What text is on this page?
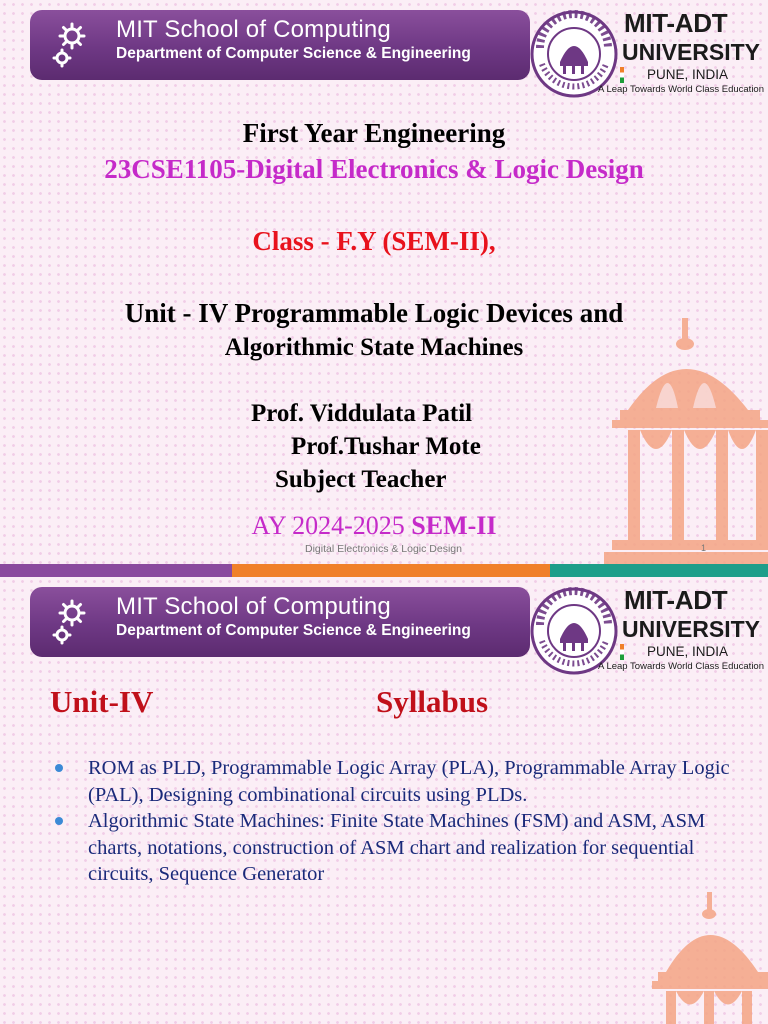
MIT School of Computing
Department of Computer Science & Engineering
MIT-ADT
UNIVERSITY
PUNE, INDIA
A Leap Towards World Class Education
First Year Engineering
23CSE1105-Digital Electronics & Logic Design
Class - F.Y (SEM-II),
Unit - IV Programmable Logic Devices and
Algorithmic State Machines
Prof. Viddulata Patil
Prof.Tushar Mote
Subject Teacher
AY 2024-2025 SEM-II
Digital Electronics & Logic Design	1
MIT School of Computing
Department of Computer Science & Engineering
MIT-ADT
UNIVERSITY
PUNE, INDIA
A Leap Towards World Class Education
Unit-IV	Syllabus
ROM as PLD, Programmable Logic Array (PLA), Programmable Array Logic (PAL), Designing combinational circuits using PLDs.
Algorithmic State Machines: Finite State Machines (FSM) and ASM, ASM charts, notations, construction of ASM chart and realization for sequential circuits, Sequence Generator
